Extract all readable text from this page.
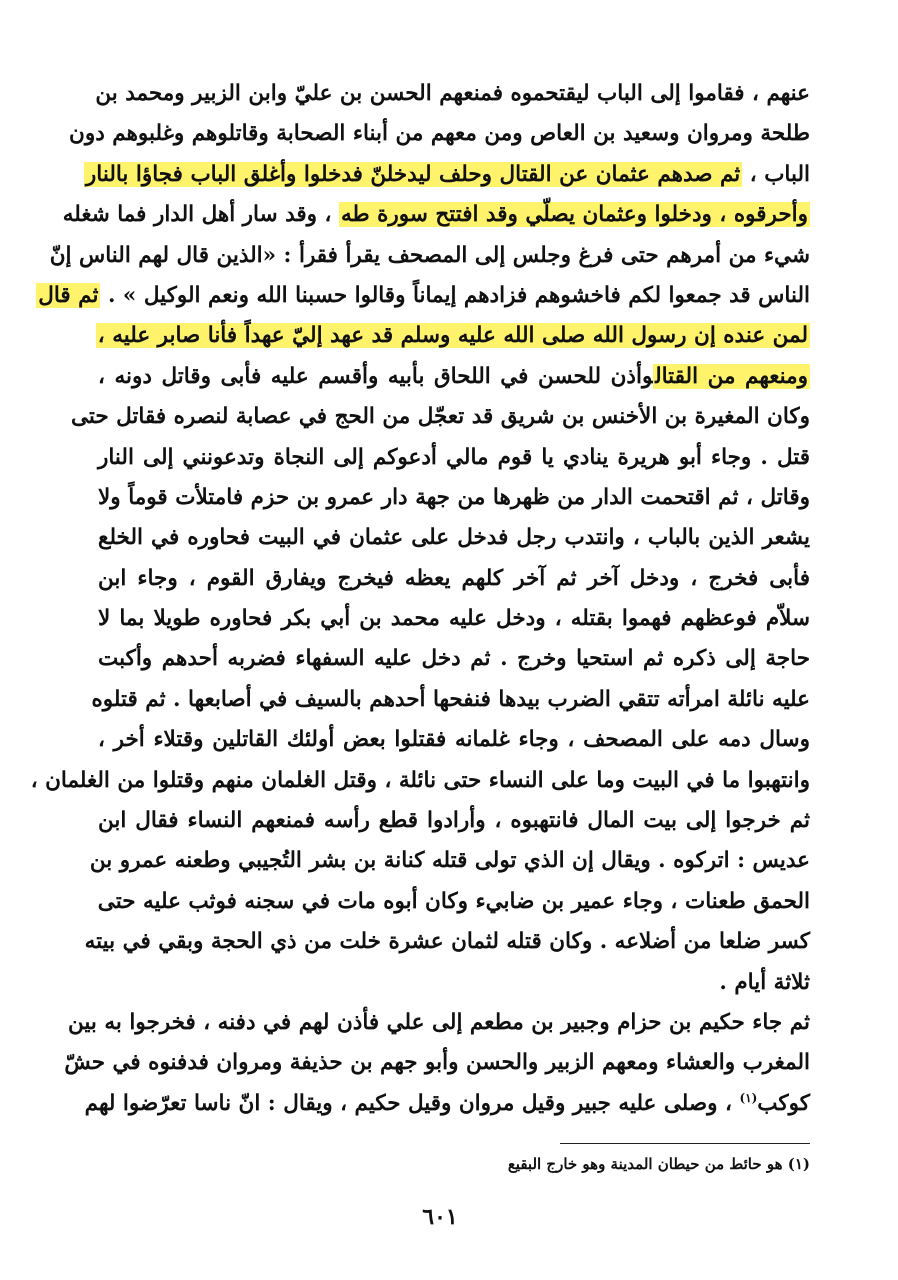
عنهم ، فقاموا إلى الباب ليقتحموه فمنعهم الحسن بن عليّ وابن الزبير ومحمد بن
طلحة ومروان وسعيد بن العاص ومن معهم من أبناء الصحابة وقاتلوهم وغلبوهم دون
الباب ، ثم صدهم عثمان عن القتال وحلف ليدخلنّ فدخلوا وأغلق الباب فجاؤا بالنار
وأحرقوه ، ودخلوا وعثمان يصلّي وقد افتتح سورة طه ، وقد سار أهل الدار فما شغله
شيء من أمرهم حتى فرغ وجلس إلى المصحف يقرأ فقرأ : «الذين قال لهم الناس إنّ
الناس قد جمعوا لكم فاخشوهم فزادهم إيماناً وقالوا حسبنا الله ونعم الوكيل » . ثم قال
لمن عنده إن رسول الله صلى الله عليه وسلم قد عهد إليّ عهداً فأنا صابر عليه ،
ومنعهم من القتالوأذن للحسن في اللحاق بأبيه وأقسم عليه فأبى وقاتل دونه ،
وكان المغيرة بن الأخنس بن شريق قد تعجّل من الحج في عصابة لنصره فقاتل حتى
قتل . وجاء أبو هريرة ينادي يا قوم مالي أدعوكم إلى النجاة وتدعونني إلى النار
وقاتل ، ثم اقتحمت الدار من ظهرها من جهة دار عمرو بن حزم فامتلأت قوماً ولا
يشعر الذين بالباب ، وانتدب رجل فدخل على عثمان في البيت فحاوره في الخلع
فأبى فخرج ، ودخل آخر ثم آخر كلهم يعظه فيخرج ويفارق القوم ، وجاء ابن
سلاّم فوعظهم فهموا بقتله ، ودخل عليه محمد بن أبي بكر فحاوره طويلا بما لا
حاجة إلى ذكره ثم استحيا وخرج . ثم دخل عليه السفهاء فضربه أحدهم وأكبت
عليه نائلة امرأته تتقي الضرب بيدها فنفحها أحدهم بالسيف في أصابعها . ثم قتلوه
وسال دمه على المصحف ، وجاء غلمانه فقتلوا بعض أولئك القاتلين وقتلاء أخر ،
وانتهبوا ما في البيت وما على النساء حتى نائلة ، وقتل الغلمان منهم وقتلوا من الغلمان ،
ثم خرجوا إلى بيت المال فانتهبوه ، وأرادوا قطع رأسه فمنعهم النساء فقال ابن
عديس : اتركوه . ويقال إن الذي تولى قتله كنانة بن بشر التُجيبي وطعنه عمرو بن
الحمق طعنات ، وجاء عمير بن ضابيء وكان أبوه مات في سجنه فوثب عليه حتى
كسر ضلعا من أضلاعه . وكان قتله لثمان عشرة خلت من ذي الحجة وبقي في بيته
ثلاثة أيام .
ثم جاء حكيم بن حزام وجبير بن مطعم إلى علي فأذن لهم في دفنه ، فخرجوا به بين
المغرب والعشاء ومعهم الزبير والحسن وأبو جهم بن حذيفة ومروان فدفنوه في حشّ
كوكب$^{(١)}$ ، وصلى عليه جبير وقيل مروان وقيل حكيم ، ويقال : انّ ناسا تعرّضوا لهم
(١) هو حائط من حيطان المدينة وهو خارج البقيع
٦٠١
